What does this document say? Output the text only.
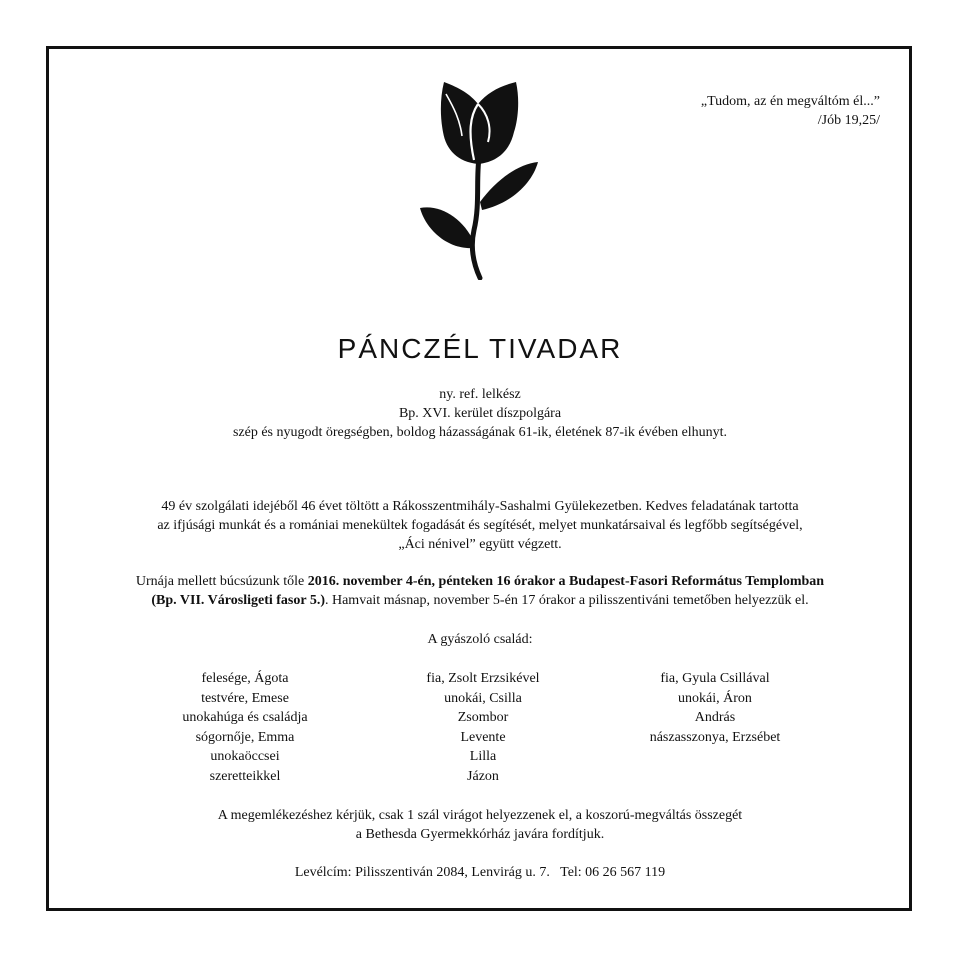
„Tudom, az én megváltóm él...”
/Jób 19,25/
PÁNCZÉL TIVADAR

ny. ref. lelkész

Bp. XVI. kerület díszpolgára

szép és nyugodt öregségben, boldog házasságának 61-ik, életének 87-ik évében elhunyt.

49 év szolgálati idejéből 46 évet töltött a Rákosszentmihály-Sashalmi Gyülekezetben. Kedves feladatának tartotta

az ifjúsági munkát és a romániai menekültek fogadását és segítését, melyet munkatársaival és legfőbb segítségével,

„Áci nénivel” együtt végzett.

Urnája mellett búcsúzunk tőle 2016. november 4-én, pénteken 16 órakor a Budapest-Fasori Református Templomban

(Bp. VII. Városligeti fasor 5.). Hamvait másnap, november 5-én 17 órakor a pilisszentiváni temetőben helyezzük el.

A gyászoló család:
felesége, Ágota
testvére, Emese
unokahúga és családja
sógornője, Emma
unokaöccsei
szeretteikkel
fia, Zsolt Erzsikével
unokái, Csilla
Zsombor
Levente
Lilla
Jázon
fia, Gyula Csillával
unokái, Áron
András
nászasszonya, Erzsébet

A megemlékezéshez kérjük, csak 1 szál virágot helyezzenek el, a koszorú-megváltás összegét

a Bethesda Gyermekkórház javára fordítjuk.

Levélcím: Pilisszentiván 2084, Lenvirág u. 7.   Tel: 06 26 567 119
